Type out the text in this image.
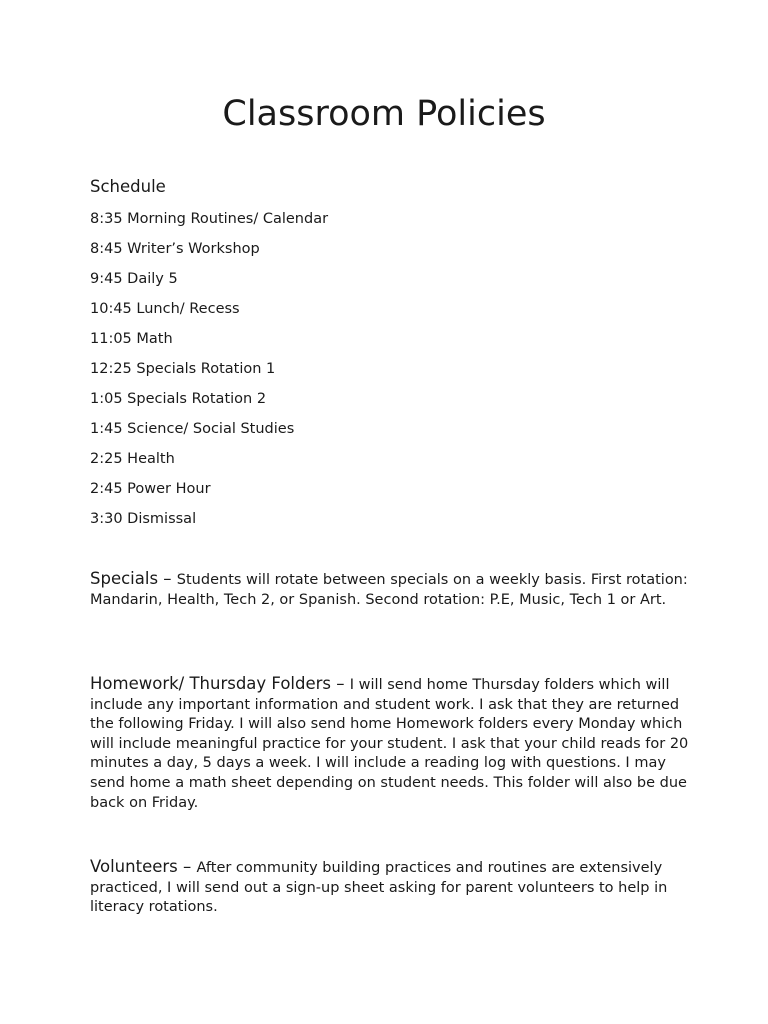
Classroom Policies
Schedule
8:35 Morning Routines/ Calendar
8:45 Writer’s Workshop
9:45 Daily 5
10:45 Lunch/ Recess
11:05 Math
12:25 Specials Rotation 1
1:05 Specials Rotation 2
1:45 Science/ Social Studies
2:25 Health
2:45 Power Hour
3:30 Dismissal

Specials – Students will rotate between specials on a weekly basis. First rotation: Mandarin, Health, Tech 2, or Spanish. Second rotation: P.E, Music, Tech 1 or Art.

Homework/ Thursday Folders – I will send home Thursday folders which will include any important information and student work. I ask that they are returned the following Friday. I will also send home Homework folders every Monday which will include meaningful practice for your student. I ask that your child reads for 20 minutes a day, 5 days a week. I will include a reading log with questions. I may send home a math sheet depending on student needs. This folder will also be due back on Friday.

Volunteers – After community building practices and routines are extensively practiced, I will send out a sign-up sheet asking for parent volunteers to help in literacy rotations.
